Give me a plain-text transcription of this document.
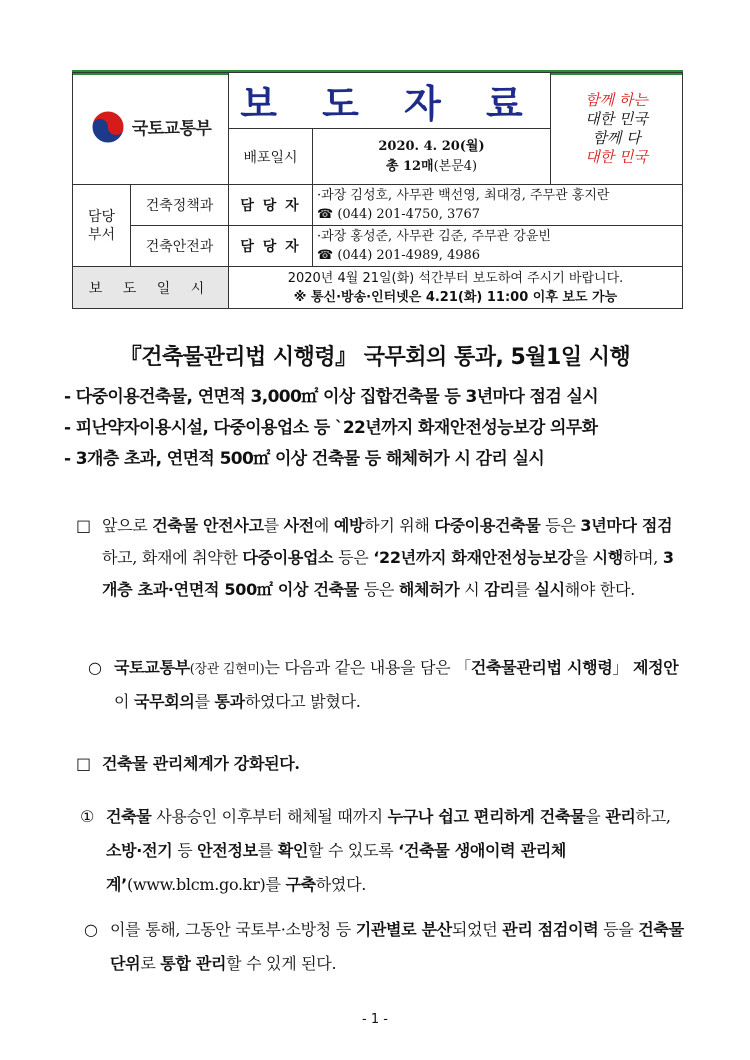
국토교통부		보 도 자 료		함께 하는
대한 민국
함께 다
대한 민국

		배포일시	2020. 4. 20(월)
총 12매(본문4)	
담당
부서	건축정책과	담 당 자	·과장 김성호, 사무관 백선영, 최대경, 주무관 홍지란
☎ (044) 201-4750, 3767	
	건축안전과	담 당 자	·과장 홍성준, 사무관 김준, 주무관 강윤빈
☎ (044) 201-4989, 4986	
보 도 일 시		2020년 4월 21일(화) 석간부터 보도하여 주시기 바랍니다.
※ 통신·방송·인터넷은 4.21(화) 11:00 이후 보도 가능		
『건축물관리법 시행령』 국무회의 통과, 5월1일 시행
- 다중이용건축물, 연면적 3,000㎡ 이상 집합건축물 등 3년마다 점검 실시
- 피난약자이용시설, 다중이용업소 등 `22년까지 화재안전성능보강 의무화
- 3개층 초과, 연면적 500㎡ 이상 건축물 등 해체허가 시 감리 실시
□ 앞으로 건축물 안전사고를 사전에 예방하기 위해 다중이용건축물 등은 3년마다 점검하고, 화재에 취약한 다중이용업소 등은 ‘22년까지 화재안전성능보강을 시행하며, 3개층 초과·연면적 500㎡ 이상 건축물 등은 해체허가 시 감리를 실시해야 한다.
○ 국토교통부(장관 김현미)는 다음과 같은 내용을 담은 「건축물관리법 시행령」 제정안이 국무회의를 통과하였다고 밝혔다.
□ 건축물 관리체계가 강화된다.
① 건축물 사용승인 이후부터 해체될 때까지 누구나 쉽고 편리하게 건축물을 관리하고, 소방·전기 등 안전정보를 확인할 수 있도록 ‘건축물 생애이력 관리체계’(www.blcm.go.kr)를 구축하였다.
○ 이를 통해, 그동안 국토부·소방청 등 기관별로 분산되었던 관리 점검이력 등을 건축물 단위로 통합 관리할 수 있게 된다.
- 1 -
